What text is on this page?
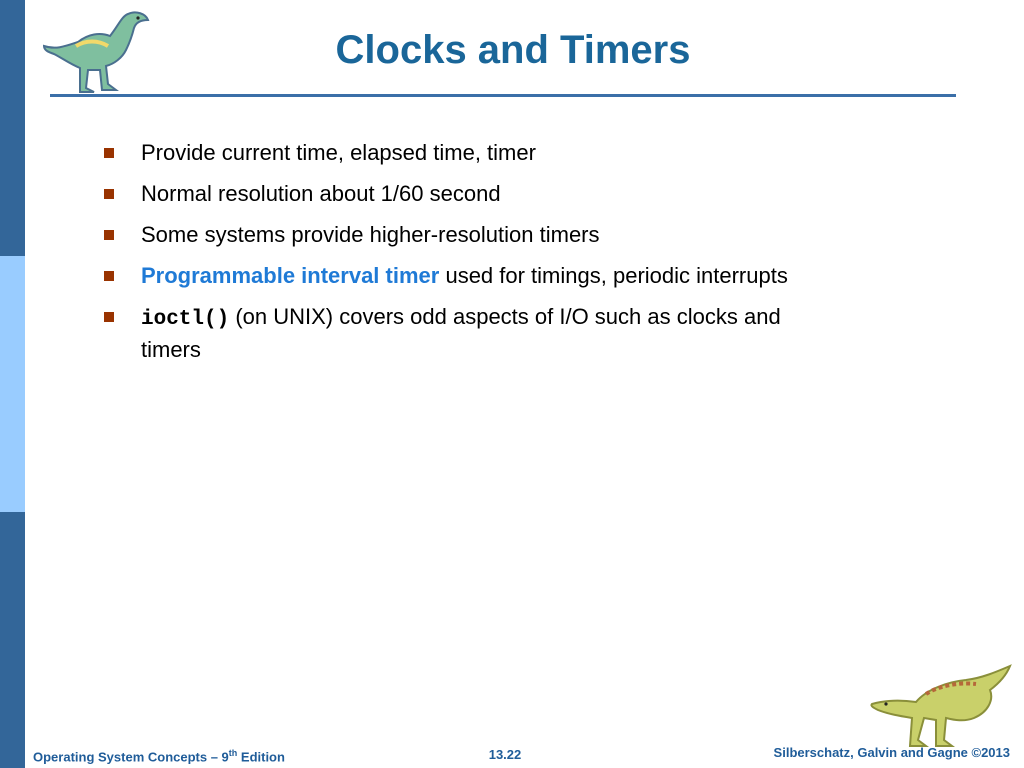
Clocks and Timers
Provide current time, elapsed time, timer
Normal resolution about 1/60 second
Some systems provide higher-resolution timers
Programmable interval timer used for timings, periodic interrupts
ioctl() (on UNIX) covers odd aspects of I/O such as clocks and timers
Operating System Concepts – 9th Edition	13.22	Silberschatz, Galvin and Gagne ©2013
